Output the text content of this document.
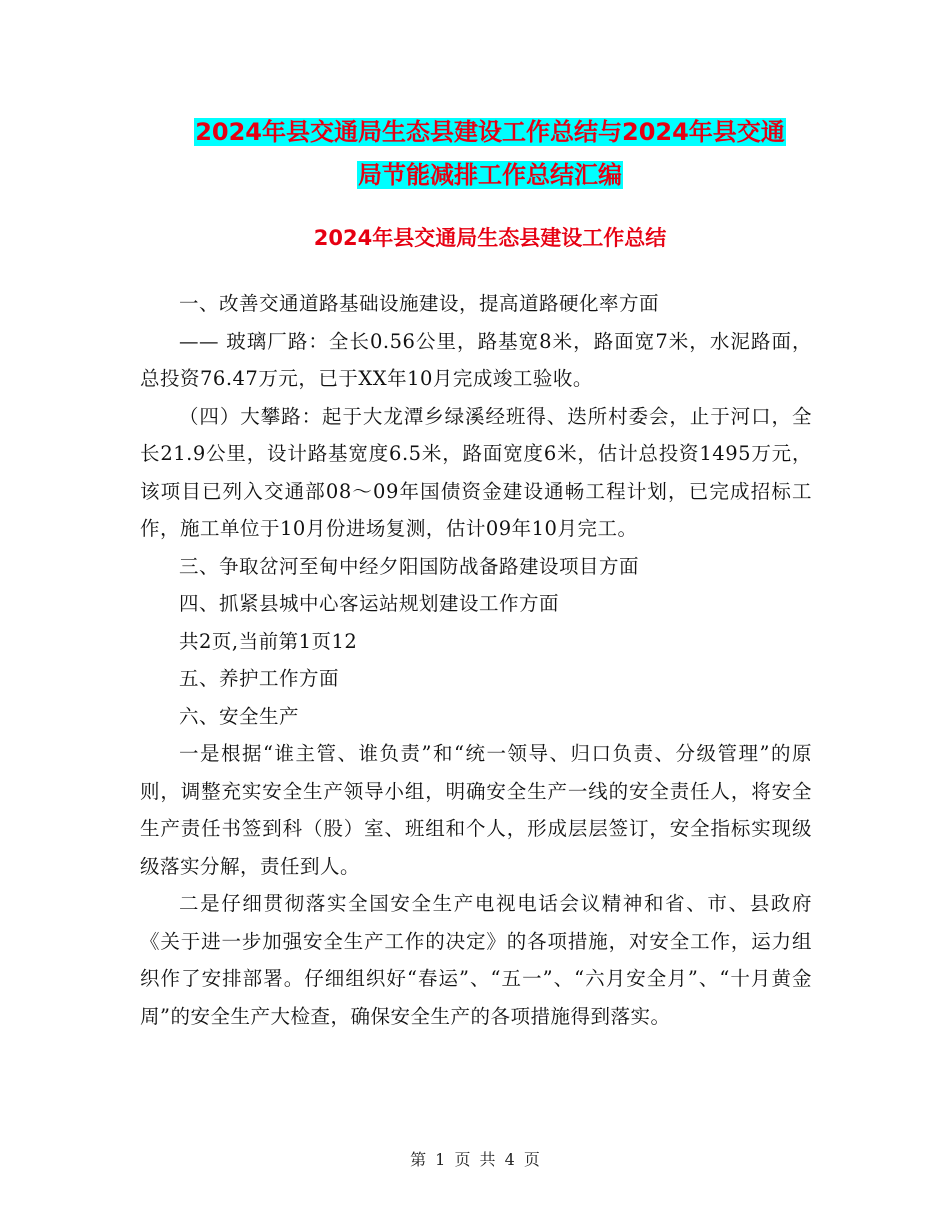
2024年县交通局生态县建设工作总结与2024年县交通
局节能减排工作总结汇编
2024年县交通局生态县建设工作总结

一、改善交通道路基础设施建设，提高道路硬化率方面

—— 玻璃厂路：全长0.56公里，路基宽8米，路面宽7米，水泥路面，总投资76.47万元，已于XX年10月完成竣工验收。

（四）大攀路：起于大龙潭乡绿溪经班得、迭所村委会，止于河口，全长21.9公里，设计路基宽度6.5米，路面宽度6米，估计总投资1495万元，该项目已列入交通部08～09年国债资金建设通畅工程计划，已完成招标工作，施工单位于10月份进场复测，估计09年10月完工。

三、争取岔河至甸中经夕阳国防战备路建设项目方面

四、抓紧县城中心客运站规划建设工作方面

共2页,当前第1页12

五、养护工作方面

六、安全生产

一是根据“谁主管、谁负责”和“统一领导、归口负责、分级管理”的原则，调整充实安全生产领导小组，明确安全生产一线的安全责任人，将安全生产责任书签到科（股）室、班组和个人，形成层层签订，安全指标实现级级落实分解，责任到人。

二是仔细贯彻落实全国安全生产电视电话会议精神和省、市、县政府《关于进一步加强安全生产工作的决定》的各项措施，对安全工作，运力组织作了安排部署。仔细组织好“春运”、“五一”、“六月安全月”、“十月黄金周”的安全生产大检查，确保安全生产的各项措施得到落实。

第 1 页 共 4 页
